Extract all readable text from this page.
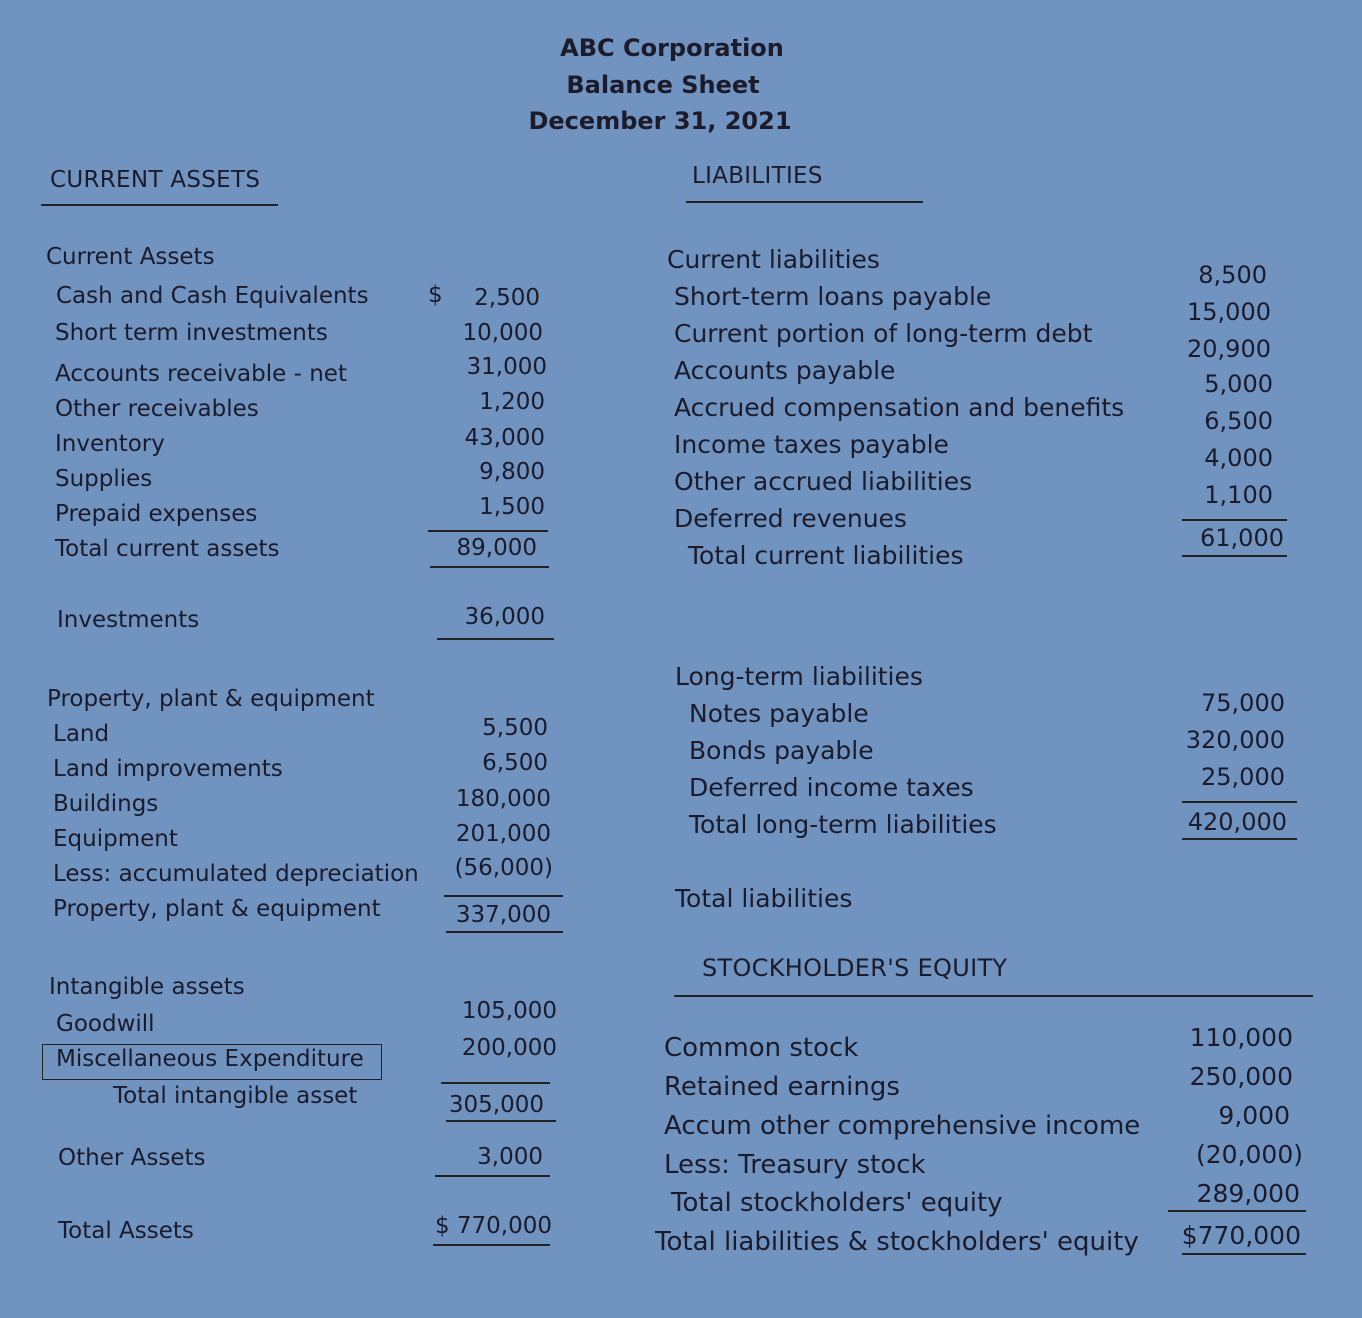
ABC Corporation
Balance Sheet
December 31, 2021
CURRENT ASSETS
Current Assets
$
Cash and Cash Equivalents	2,500
Short term investments	10,000
Accounts receivable - net	31,000
Other receivables	1,200
Inventory	43,000
Supplies	9,800
Prepaid expenses	1,500
Total current assets	89,000
Investments	36,000
Property, plant & equipment
Land	5,500
Land improvements	6,500
Buildings	180,000
Equipment	201,000
Less: accumulated depreciation (56,000)
Property, plant & equipment	337,000
Intangible assets
Goodwill	105,000
Miscellaneous Expenditure	200,000
Total intangible asset	305,000
Other Assets	3,000
Total Assets	$ 770,000
LIABILITIES
Current liabilities
Short-term loans payable
8,500
Current portion of long-term debt
15,000
Accounts payable
20,900
Accrued compensation and benefits
5,000
Income taxes payable
6,500
Other accrued liabilities
4,000
Deferred revenues
1,100
Total current liabilities
61,000
Long-term liabilities
Notes payable	75,000
Bonds payable	320,000
Deferred income taxes	25,000
Total long-term liabilities	420,000
Total liabilities
STOCKHOLDER'S EQUITY
Common stock	110,000
Retained earnings	250,000
Accum other comprehensive income	9,000
Less: Treasury stock	(20,000)
Total stockholders' equity	289,000
Total liabilities & stockholders' equity $770,000
